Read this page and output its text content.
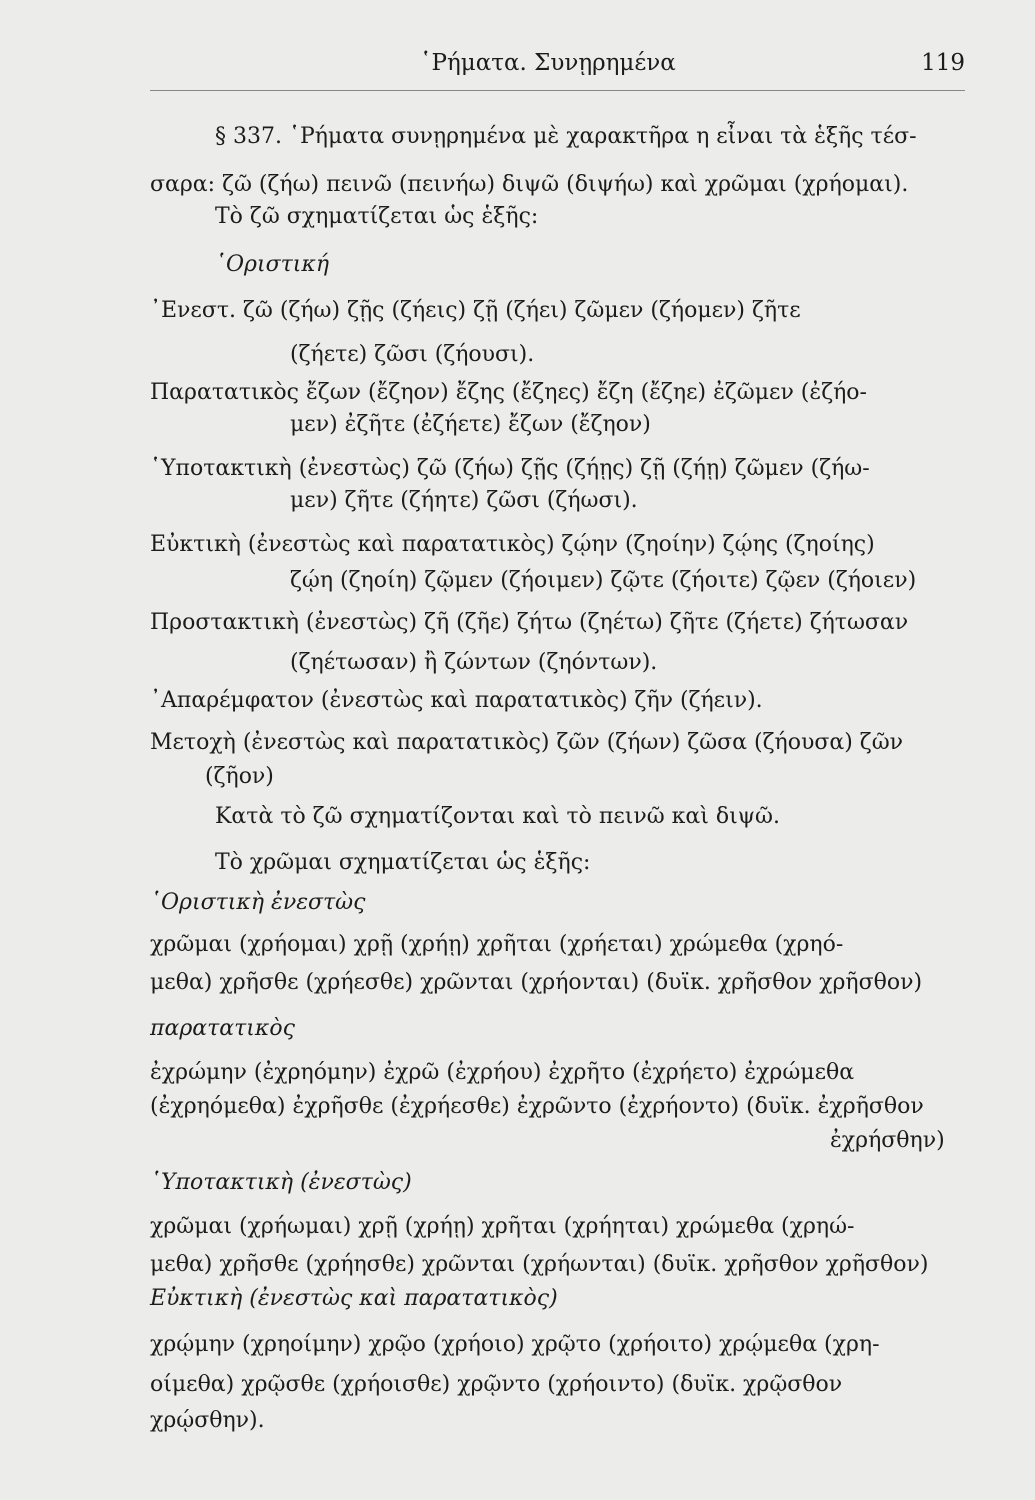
῾Ρήματα. Συνῃρημένα	119
§ 337. ῾Ρήματα συνῃρημένα μὲ χαρακτῆρα η εἶναι τὰ ἑξῆς τέσ-
σαρα: ζῶ (ζήω) πεινῶ (πεινήω) διψῶ (διψήω) καὶ χρῶμαι (χρήομαι).
Τὸ ζῶ σχηματίζεται ὡς ἑξῆς:
῾Οριστική
᾿Ενεστ. ζῶ (ζήω) ζῇς (ζήεις) ζῇ (ζήει) ζῶμεν (ζήομεν) ζῆτε
(ζήετε) ζῶσι (ζήουσι).
Παρατατικὸς ἔζων (ἔζηον) ἔζης (ἔζηες) ἔζη (ἔζηε) ἐζῶμεν (ἐζήο-
μεν) ἐζῆτε (ἐζήετε) ἔζων (ἔζηον)
῾Υποτακτικὴ (ἐνεστὼς) ζῶ (ζήω) ζῇς (ζήῃς) ζῇ (ζήῃ) ζῶμεν (ζήω-
μεν) ζῆτε (ζήητε) ζῶσι (ζήωσι).
Εὐκτικὴ (ἐνεστὼς καὶ παρατατικὸς) ζῴην (ζηοίην) ζῴης (ζηοίης)
ζῴη (ζηοίη) ζῷμεν (ζήοιμεν) ζῷτε (ζήοιτε) ζῷεν (ζήοιεν)
Προστακτικὴ (ἐνεστὼς) ζῆ (ζῆε) ζήτω (ζηέτω) ζῆτε (ζήετε) ζήτωσαν
(ζηέτωσαν) ἢ ζώντων (ζηόντων).
᾿Απαρέμφατον (ἐνεστὼς καὶ παρατατικὸς) ζῆν (ζήειν).
Μετοχὴ (ἐνεστὼς καὶ παρατατικὸς) ζῶν (ζήων) ζῶσα (ζήουσα) ζῶν
(ζῆον)
Κατὰ τὸ ζῶ σχηματίζονται καὶ τὸ πεινῶ καὶ διψῶ.
Τὸ χρῶμαι σχηματίζεται ὡς ἑξῆς:
῾Οριστικὴ ἐνεστὼς
χρῶμαι (χρήομαι) χρῇ (χρήῃ) χρῆται (χρήεται) χρώμεθα (χρηό-
μεθα) χρῆσθε (χρήεσθε) χρῶνται (χρήονται) (δυϊκ. χρῆσθον χρῆσθον)
παρατατικὸς
ἐχρώμην (ἐχρηόμην) ἐχρῶ (ἐχρήου) ἐχρῆτο (ἐχρήετο) ἐχρώμεθα
(ἐχρηόμεθα) ἐχρῆσθε (ἐχρήεσθε) ἐχρῶντο (ἐχρήοντο) (δυϊκ. ἐχρῆσθον
ἐχρήσθην)
῾Υποτακτικὴ (ἐνεστὼς)
χρῶμαι (χρήωμαι) χρῇ (χρήῃ) χρῆται (χρήηται) χρώμεθα (χρηώ-
μεθα) χρῆσθε (χρήησθε) χρῶνται (χρήωνται) (δυϊκ. χρῆσθον χρῆσθον)
Εὐκτικὴ (ἐνεστὼς καὶ παρατατικὸς)
χρῴμην (χρηοίμην) χρῷο (χρήοιο) χρῷτο (χρήοιτο) χρῴμεθα (χρη-
οίμεθα) χρῷσθε (χρήοισθε) χρῷντο (χρήοιντο) (δυϊκ. χρῷσθον
χρῴσθην).
